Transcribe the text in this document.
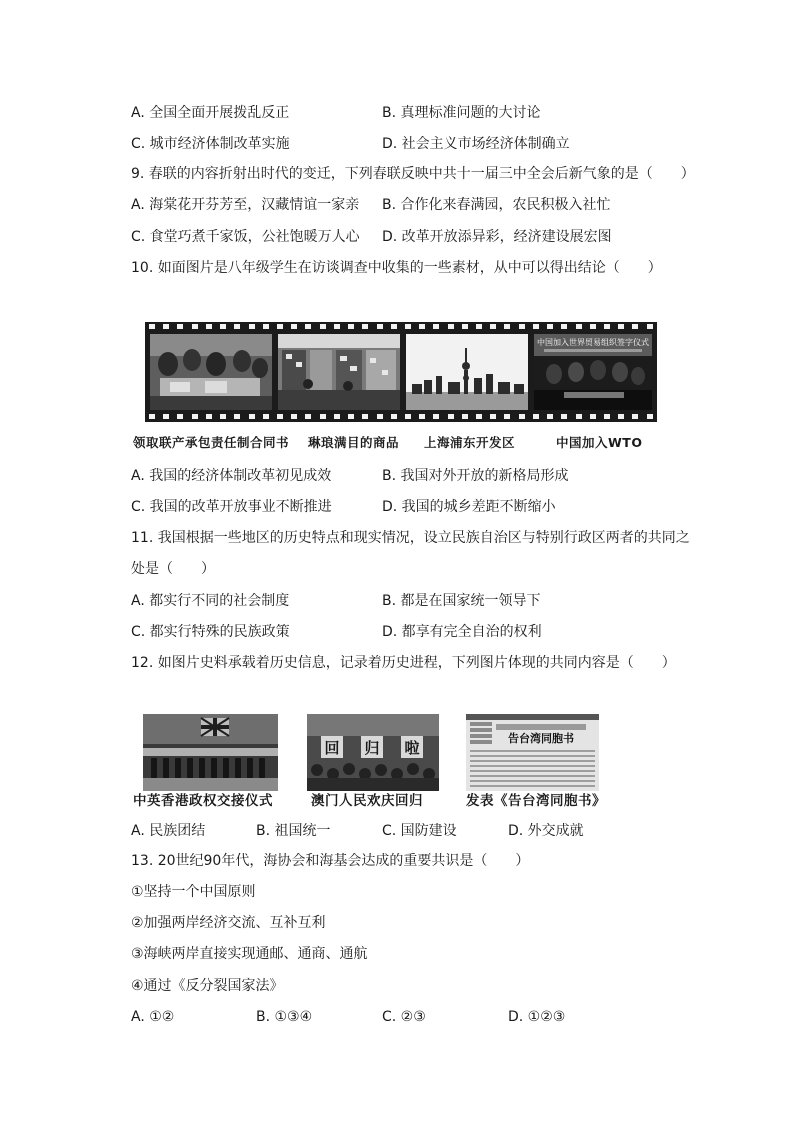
A. 全国全面开展拨乱反正	B. 真理标准问题的大讨论
C. 城市经济体制改革实施	D. 社会主义市场经济体制确立
9. 春联的内容折射出时代的变迁，下列春联反映中共十一届三中全会后新气象的是（　　）
A. 海棠花开芬芳至，汉藏情谊一家亲 B. 合作化来春满园，农民积极入社忙
C. 食堂巧煮千家饭，公社饱暖万人心 D. 改革开放添异彩，经济建设展宏图
10. 如面图片是八年级学生在访谈调查中收集的一些素材，从中可以得出结论（　　）
中国加入世界贸易组织签字仪式
领取联产承包责任制合同书 琳琅满目的商品 上海浦东开发区	中国加入WTO
A. 我国的经济体制改革初见成效	B. 我国对外开放的新格局形成
C. 我国的改革开放事业不断推进	D. 我国的城乡差距不断缩小
11. 我国根据一些地区的历史特点和现实情况，设立民族自治区与特别行政区两者的共同之
处是（　　）
A. 都实行不同的社会制度	B. 都是在国家统一领导下
C. 都实行特殊的民族政策	D. 都享有完全自治的权利
12. 如图片史料承载着历史信息，记录着历史进程，下列图片体现的共同内容是（　　）
回 归 啦
告台湾同胞书
中英香港政权交接仪式	澳门人民欢庆回归	发表《告台湾同胞书》
A. 民族团结	B. 祖国统一	C. 国防建设	D. 外交成就
13. 20世纪90年代，海协会和海基会达成的重要共识是（　　）
①坚持一个中国原则
②加强两岸经济交流、互补互利
③海峡两岸直接实现通邮、通商、通航
④通过《反分裂国家法》
A. ①②	B. ①③④	C. ②③	D. ①②③
